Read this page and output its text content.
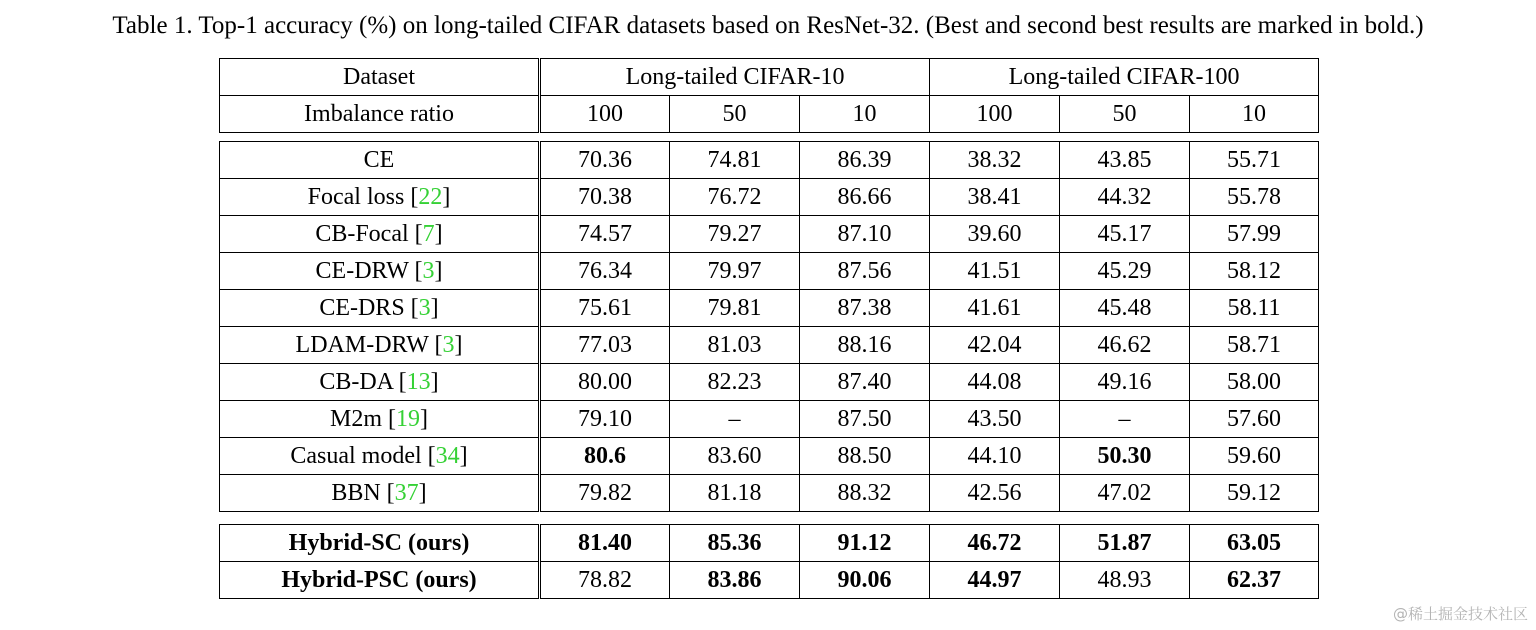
Table 1. Top-1 accuracy (%) on long-tailed CIFAR datasets based on ResNet-32. (Best and second best results are marked in bold.)
Dataset	Long-tailed CIFAR-10			Long-tailed CIFAR-100		
Imbalance ratio	100	50	10	100	50	10
CE	70.36	74.81	86.39	38.32	43.85	55.71
Focal loss [22]	70.38	76.72	86.66	38.41	44.32	55.78
CB-Focal [7]	74.57	79.27	87.10	39.60	45.17	57.99
CE-DRW [3]	76.34	79.97	87.56	41.51	45.29	58.12
CE-DRS [3]	75.61	79.81	87.38	41.61	45.48	58.11
LDAM-DRW [3]	77.03	81.03	88.16	42.04	46.62	58.71
CB-DA [13]	80.00	82.23	87.40	44.08	49.16	58.00
M2m [19]	79.10	–	87.50	43.50	–	57.60
Casual model [34]	80.6	83.60	88.50	44.10	50.30	59.60
BBN [37]	79.82	81.18	88.32	42.56	47.02	59.12
Hybrid-SC (ours)	81.40	85.36	91.12	46.72	51.87	63.05
Hybrid-PSC (ours)	78.82	83.86	90.06	44.97	48.93	62.37
@稀土掘金技术社区
